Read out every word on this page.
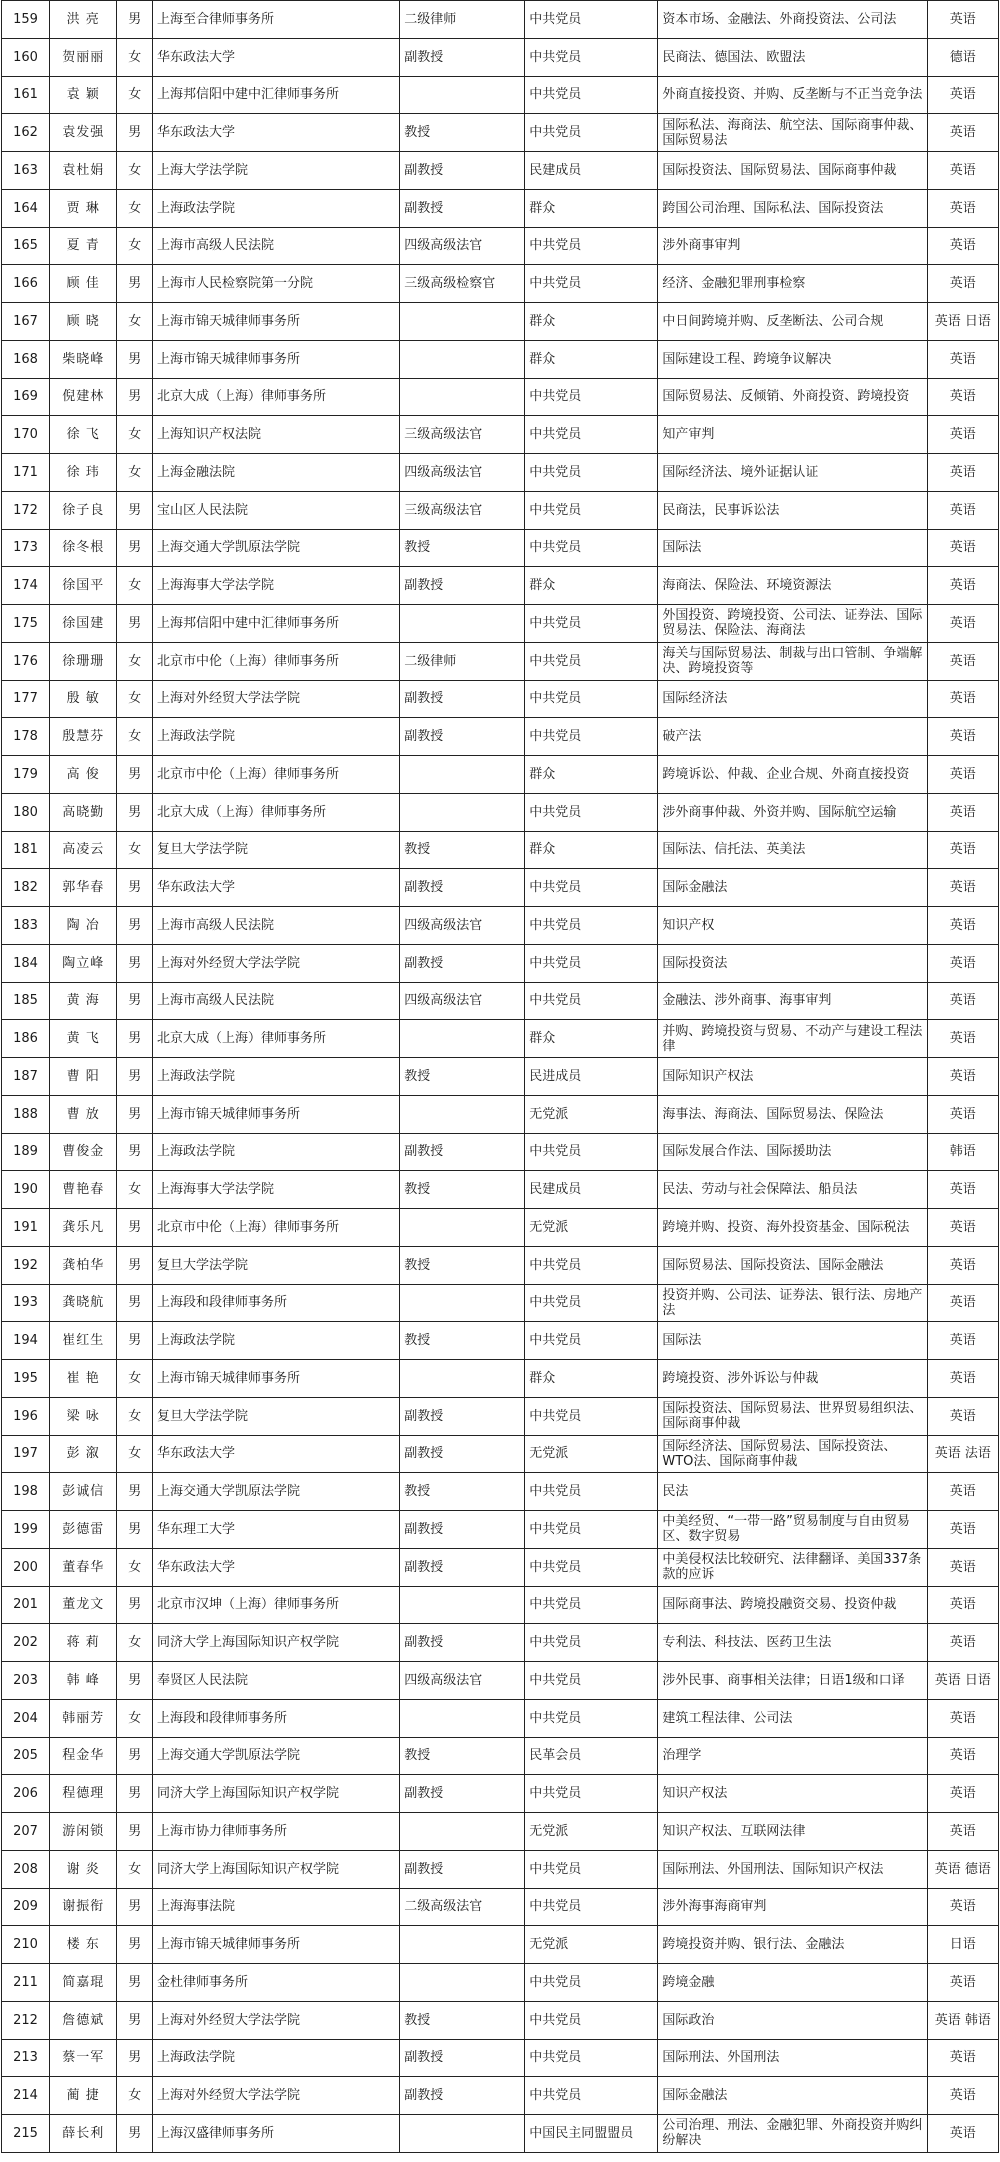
159	洪 亮	男	上海至合律师事务所	二级律师	中共党员	资本市场、金融法、外商投资法、公司法	英语
160	贺丽丽	女	华东政法大学	副教授	中共党员	民商法、德国法、欧盟法	德语
161	袁 颖	女	上海邦信阳中建中汇律师事务所		中共党员	外商直接投资、并购、反垄断与不正当竞争法	英语
162	袁发强	男	华东政法大学	教授	中共党员	国际私法、海商法、航空法、国际商事仲裁、国际贸易法	英语
163	袁杜娟	女	上海大学法学院	副教授	民建成员	国际投资法、国际贸易法、国际商事仲裁	英语
164	贾 琳	女	上海政法学院	副教授	群众	跨国公司治理、国际私法、国际投资法	英语
165	夏 青	女	上海市高级人民法院	四级高级法官	中共党员	涉外商事审判	英语
166	顾 佳	男	上海市人民检察院第一分院	三级高级检察官	中共党员	经济、金融犯罪刑事检察	英语
167	顾 晓	女	上海市锦天城律师事务所		群众	中日间跨境并购、反垄断法、公司合规	英语 日语
168	柴晓峰	男	上海市锦天城律师事务所		群众	国际建设工程、跨境争议解决	英语
169	倪建林	男	北京大成（上海）律师事务所		中共党员	国际贸易法、反倾销、外商投资、跨境投资	英语
170	徐 飞	女	上海知识产权法院	三级高级法官	中共党员	知产审判	英语
171	徐 玮	女	上海金融法院	四级高级法官	中共党员	国际经济法、境外证据认证	英语
172	徐子良	男	宝山区人民法院	三级高级法官	中共党员	民商法，民事诉讼法	英语
173	徐冬根	男	上海交通大学凯原法学院	教授	中共党员	国际法	英语
174	徐国平	女	上海海事大学法学院	副教授	群众	海商法、保险法、环境资源法	英语
175	徐国建	男	上海邦信阳中建中汇律师事务所		中共党员	外国投资、跨境投资、公司法、证券法、国际贸易法、保险法、海商法	英语
176	徐珊珊	女	北京市中伦（上海）律师事务所	二级律师	中共党员	海关与国际贸易法、制裁与出口管制、争端解决、跨境投资等	英语
177	殷 敏	女	上海对外经贸大学法学院	副教授	中共党员	国际经济法	英语
178	殷慧芬	女	上海政法学院	副教授	中共党员	破产法	英语
179	高 俊	男	北京市中伦（上海）律师事务所		群众	跨境诉讼、仲裁、企业合规、外商直接投资	英语
180	高晓勤	男	北京大成（上海）律师事务所		中共党员	涉外商事仲裁、外资并购、国际航空运输	英语
181	高凌云	女	复旦大学法学院	教授	群众	国际法、信托法、英美法	英语
182	郭华春	男	华东政法大学	副教授	中共党员	国际金融法	英语
183	陶 冶	男	上海市高级人民法院	四级高级法官	中共党员	知识产权	英语
184	陶立峰	男	上海对外经贸大学法学院	副教授	中共党员	国际投资法	英语
185	黄 海	男	上海市高级人民法院	四级高级法官	中共党员	金融法、涉外商事、海事审判	英语
186	黄 飞	男	北京大成（上海）律师事务所		群众	并购、跨境投资与贸易、不动产与建设工程法律	英语
187	曹 阳	男	上海政法学院	教授	民进成员	国际知识产权法	英语
188	曹 放	男	上海市锦天城律师事务所		无党派	海事法、海商法、国际贸易法、保险法	英语
189	曹俊金	男	上海政法学院	副教授	中共党员	国际发展合作法、国际援助法	韩语
190	曹艳春	女	上海海事大学法学院	教授	民建成员	民法、劳动与社会保障法、船员法	英语
191	龚乐凡	男	北京市中伦（上海）律师事务所		无党派	跨境并购、投资、海外投资基金、国际税法	英语
192	龚柏华	男	复旦大学法学院	教授	中共党员	国际贸易法、国际投资法、国际金融法	英语
193	龚晓航	男	上海段和段律师事务所		中共党员	投资并购、公司法、证券法、银行法、房地产法	英语
194	崔红生	男	上海政法学院	教授	中共党员	国际法	英语
195	崔 艳	女	上海市锦天城律师事务所		群众	跨境投资、涉外诉讼与仲裁	英语
196	梁 咏	女	复旦大学法学院	副教授	中共党员	国际投资法、国际贸易法、世界贸易组织法、国际商事仲裁	英语
197	彭 溆	女	华东政法大学	副教授	无党派	国际经济法、国际贸易法、国际投资法、WTO法、国际商事仲裁	英语 法语
198	彭诚信	男	上海交通大学凯原法学院	教授	中共党员	民法	英语
199	彭德雷	男	华东理工大学	副教授	中共党员	中美经贸、“一带一路”贸易制度与自由贸易区、数字贸易	英语
200	董春华	女	华东政法大学	副教授	中共党员	中美侵权法比较研究、法律翻译、美国337条款的应诉	英语
201	董龙文	男	北京市汉坤（上海）律师事务所		中共党员	国际商事法、跨境投融资交易、投资仲裁	英语
202	蒋 莉	女	同济大学上海国际知识产权学院	副教授	中共党员	专利法、科技法、医药卫生法	英语
203	韩 峰	男	奉贤区人民法院	四级高级法官	中共党员	涉外民事、商事相关法律；日语1级和口译	英语 日语
204	韩丽芳	女	上海段和段律师事务所		中共党员	建筑工程法律、公司法	英语
205	程金华	男	上海交通大学凯原法学院	教授	民革会员	治理学	英语
206	程德理	男	同济大学上海国际知识产权学院	副教授	中共党员	知识产权法	英语
207	游闲锁	男	上海市协力律师事务所		无党派	知识产权法、互联网法律	英语
208	谢 炎	女	同济大学上海国际知识产权学院	副教授	中共党员	国际刑法、外国刑法、国际知识产权法	英语 德语
209	谢振衔	男	上海海事法院	二级高级法官	中共党员	涉外海事海商审判	英语
210	楼 东	男	上海市锦天城律师事务所		无党派	跨境投资并购、银行法、金融法	日语
211	简嘉琨	男	金杜律师事务所		中共党员	跨境金融	英语
212	詹德斌	男	上海对外经贸大学法学院	教授	中共党员	国际政治	英语 韩语
213	蔡一军	男	上海政法学院	副教授	中共党员	国际刑法、外国刑法	英语
214	蔺 捷	女	上海对外经贸大学法学院	副教授	中共党员	国际金融法	英语
215	薛长利	男	上海汉盛律师事务所		中国民主同盟盟员	公司治理、刑法、金融犯罪、外商投资并购纠纷解决	英语
